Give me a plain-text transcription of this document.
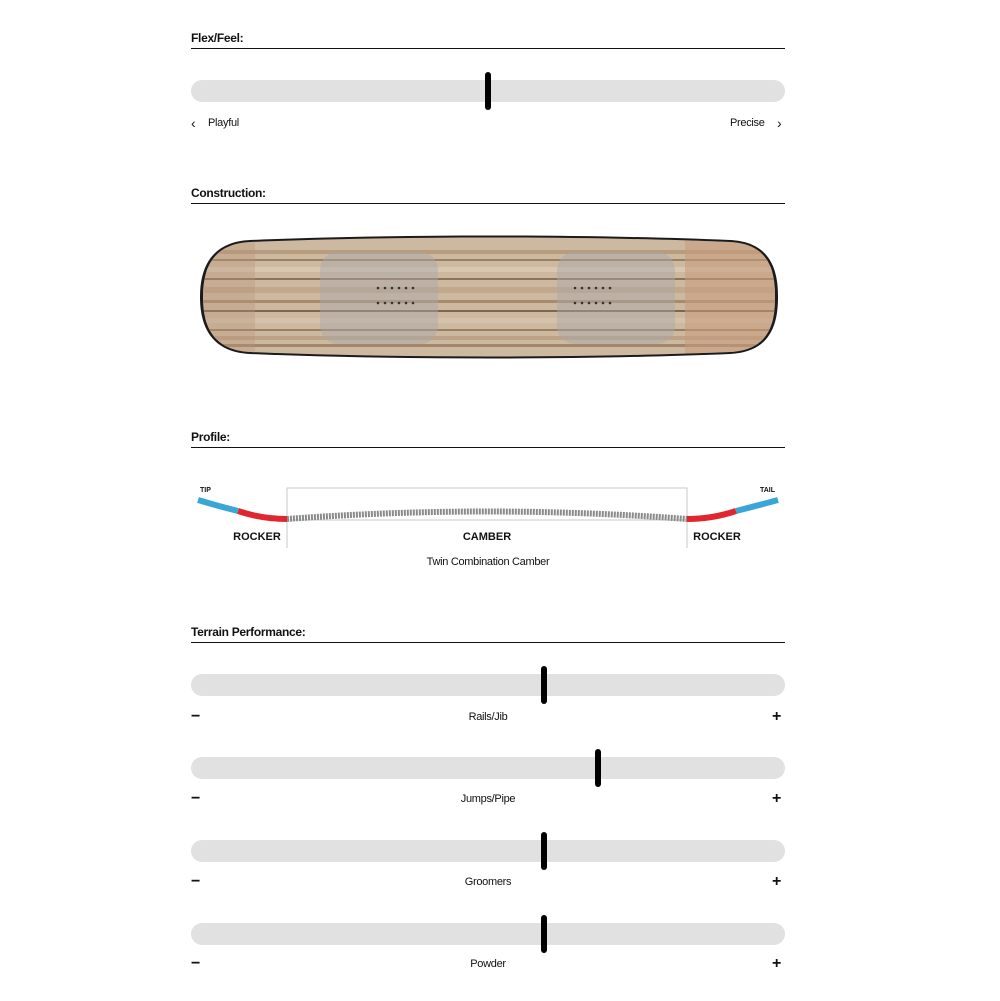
Flex/Feel:
‹ Playful	Precise ›
Construction:
Profile:
TIP	TAIL
ROCKER	CAMBER	ROCKER
Twin Combination Camber
Terrain Performance:
−	Rails/Jib	+
−	Jumps/Pipe	+
−	Groomers	+
−	Powder	+
